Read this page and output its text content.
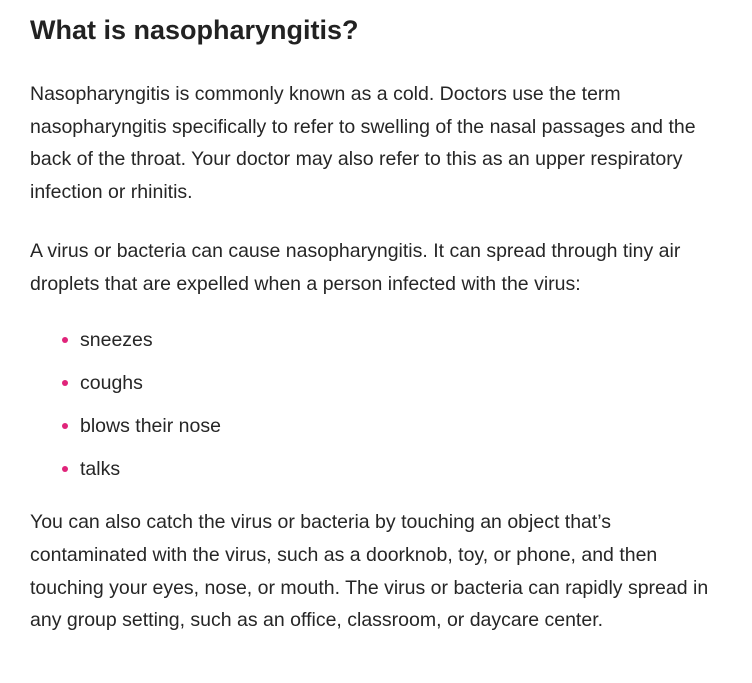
What is nasopharyngitis?

Nasopharyngitis is commonly known as a cold. Doctors use the term nasopharyngitis specifically to refer to swelling of the nasal passages and the back of the throat. Your doctor may also refer to this as an upper respiratory infection or rhinitis.

A virus or bacteria can cause nasopharyngitis. It can spread through tiny air droplets that are expelled when a person infected with the virus:

sneezes
coughs
blows their nose
talks

You can also catch the virus or bacteria by touching an object that’s contaminated with the virus, such as a doorknob, toy, or phone, and then touching your eyes, nose, or mouth. The virus or bacteria can rapidly spread in any group setting, such as an office, classroom, or daycare center.
